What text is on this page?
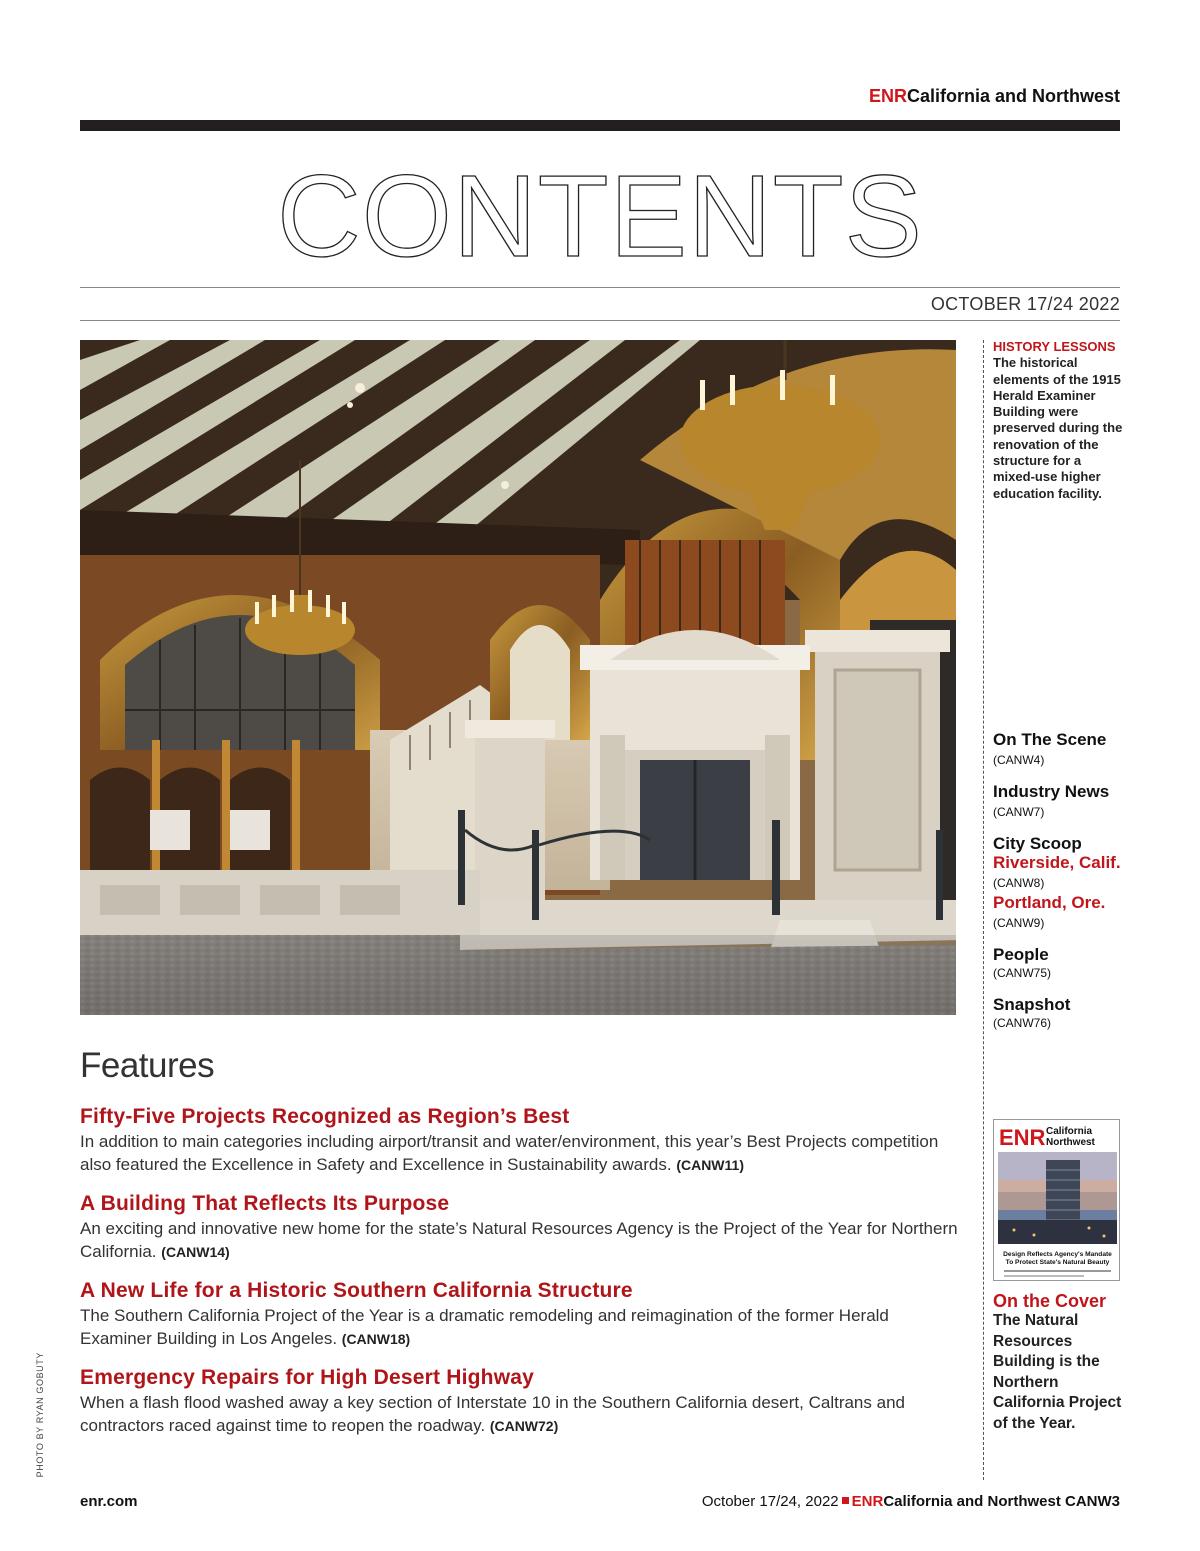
ENRCalifornia and Northwest
CONTENTS
OCTOBER 17/24 2022
HISTORY LESSONS The historical elements of the 1915 Herald Examiner Building were preserved during the renovation of the structure for a mixed-use higher education facility.
On The Scene (CANW4)
Industry News (CANW7)
City Scoop
Riverside, Calif. (CANW8)
Portland, Ore. (CANW9)
People
(CANW75)
Snapshot
(CANW76)
ENR California
Northwest
Design Reflects Agency's Mandate
To Protect State's Natural Beauty
On the Cover
The Natural Resources Building is the Northern California Project of the Year.
Features
Fifty-Five Projects Recognized as Region’s Best

In addition to main categories including airport/transit and water/environment, this year’s Best Projects competition also featured the Excellence in Safety and Excellence in Sustainability awards. (CANW11)

A Building That Reflects Its Purpose

An exciting and innovative new home for the state’s Natural Resources Agency is the Project of the Year for Northern California. (CANW14)

A New Life for a Historic Southern California Structure

The Southern California Project of the Year is a dramatic remodeling and reimagination of the former Herald Examiner Building in Los Angeles. (CANW18)

Emergency Repairs for High Desert Highway

When a flash flood washed away a key section of Interstate 10 in the Southern California desert, Caltrans and contractors raced against time to reopen the roadway. (CANW72)

PHOTO BY RYAN GOBUTY
enr.com	October 17/24, 2022 ENRCalifornia and Northwest CANW3
